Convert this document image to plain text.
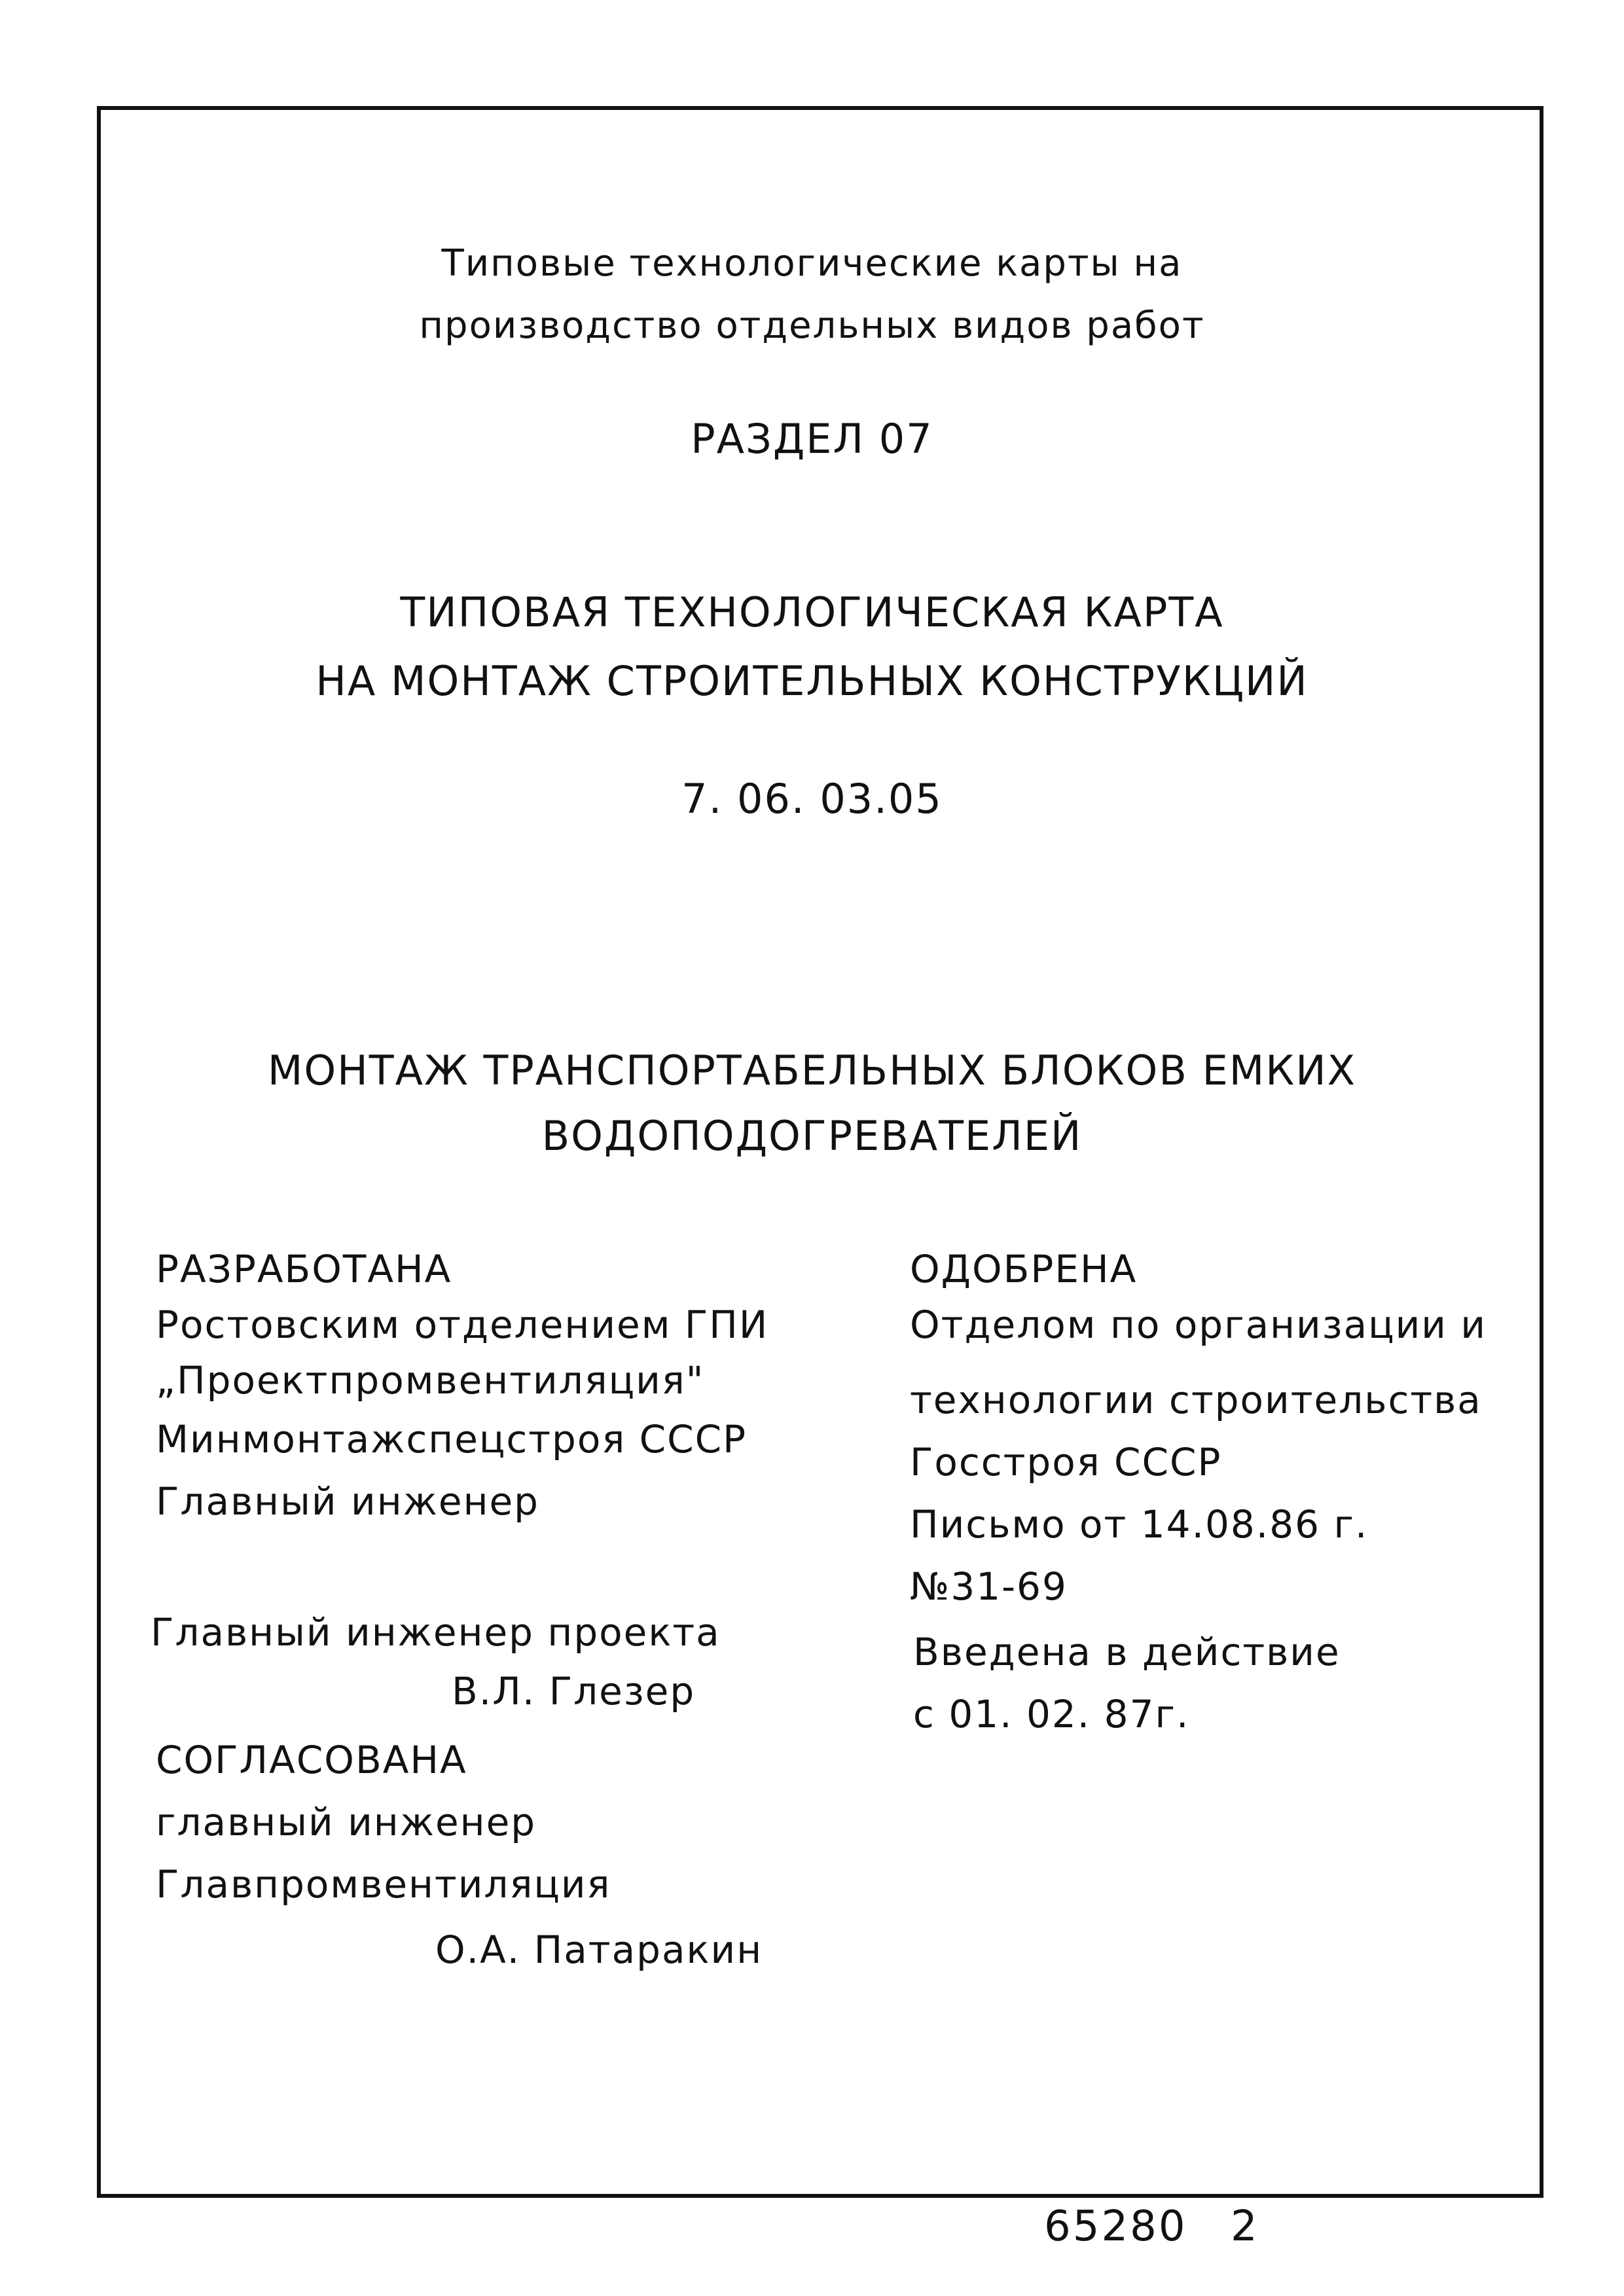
Типовые технологические карты на
производство отдельных видов работ
РАЗДЕЛ 07
ТИПОВАЯ ТЕХНОЛОГИЧЕСКАЯ КАРТА
НА МОНТАЖ СТРОИТЕЛЬНЫХ КОНСТРУКЦИЙ
7. 06. 03.05
МОНТАЖ ТРАНСПОРТАБЕЛЬНЫХ БЛОКОВ ЕМКИХ
ВОДОПОДОГРЕВАТЕЛЕЙ
РАЗРАБОТАНА
Ростовским отделением ГПИ
„Проектпромвентиляция"
Минмонтажспецстроя СССР
Главный инженер
Главный инженер проекта
В.Л. Глезер
СОГЛАСОВАНА
главный инженер
Главпромвентиляция
О.А. Патаракин
ОДОБРЕНА
Отделом по организации и
технологии строительства
Госстроя СССР
Письмо от 14.08.86 г.
№31-69
Введена в действие
с 01. 02. 87г.
65280 2
